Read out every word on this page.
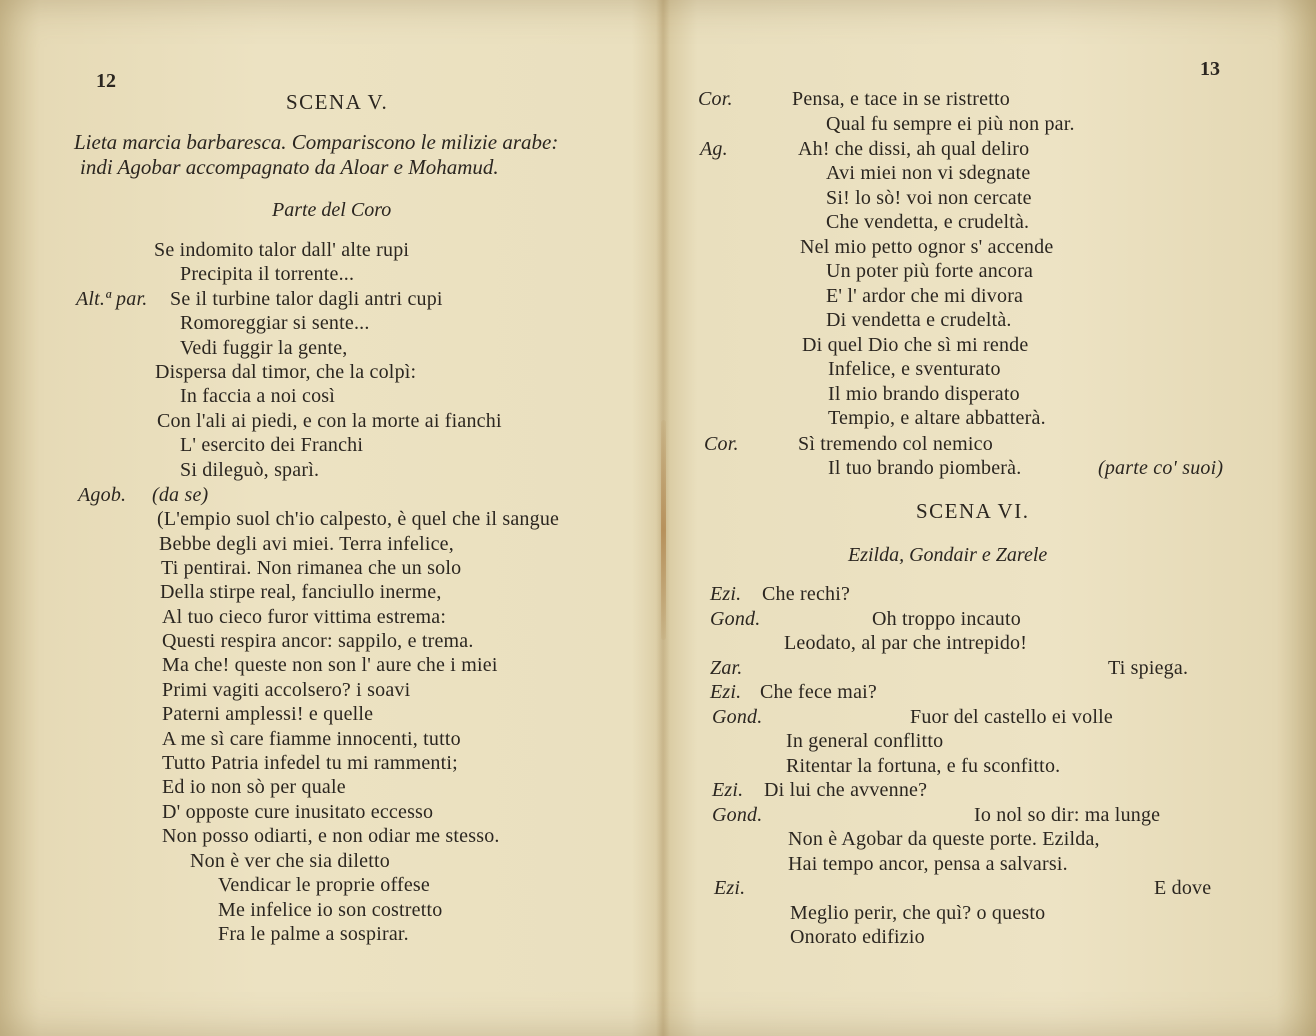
12
SCENA V.
Lieta marcia barbaresca. Compariscono le milizie arabe:
indi Agobar accompagnato da Aloar e Mohamud.
Parte del Coro
Se indomito talor dall' alte rupi
Precipita il torrente...
Alt.ª par. Se il turbine talor dagli antri cupi
Romoreggiar si sente...
Vedi fuggir la gente,
Dispersa dal timor, che la colpì:
In faccia a noi così
Con l'ali ai piedi, e con la morte ai fianchi
L' esercito dei Franchi
Si dileguò, sparì.
Agob. (da se)
(L'empio suol ch'io calpesto, è quel che il sangue
Bebbe degli avi miei. Terra infelice,
Ti pentirai. Non rimanea che un solo
Della stirpe real, fanciullo inerme,
Al tuo cieco furor vittima estrema:
Questi respira ancor: sappilo, e trema.
Ma che! queste non son l' aure che i miei
Primi vagiti accolsero? i soavi
Paterni amplessi! e quelle
A me sì care fiamme innocenti, tutto
Tutto Patria infedel tu mi rammenti;
Ed io non sò per quale
D' opposte cure inusitato eccesso
Non posso odiarti, e non odiar me stesso.
Non è ver che sia diletto
Vendicar le proprie offese
Me infelice io son costretto
Fra le palme a sospirar.
13
Cor.	Pensa, e tace in se ristretto
Qual fu sempre ei più non par.
Ag.	Ah! che dissi, ah qual deliro
Avi miei non vi sdegnate
Si! lo sò! voi non cercate
Che vendetta, e crudeltà.
Nel mio petto ognor s' accende
Un poter più forte ancora
E' l' ardor che mi divora
Di vendetta e crudeltà.
Di quel Dio che sì mi rende
Infelice, e sventurato
Il mio brando disperato
Tempio, e altare abbatterà.
Cor.	Sì tremendo col nemico
Il tuo brando piomberà.	(parte co' suoi)
SCENA VI.
Ezilda, Gondair e Zarele
Ezi. Che rechi?
Gond.	Oh troppo incauto
Leodato, al par che intrepido!
Zar.	Ti spiega.
Ezi. Che fece mai?
Gond.	Fuor del castello ei volle
In general conflitto
Ritentar la fortuna, e fu sconfitto.
Ezi. Di lui che avvenne?
Gond.	Io nol so dir: ma lunge
Non è Agobar da queste porte. Ezilda,
Hai tempo ancor, pensa a salvarsi.
Ezi.	E dove
Meglio perir, che quì? o questo
Onorato edifizio
